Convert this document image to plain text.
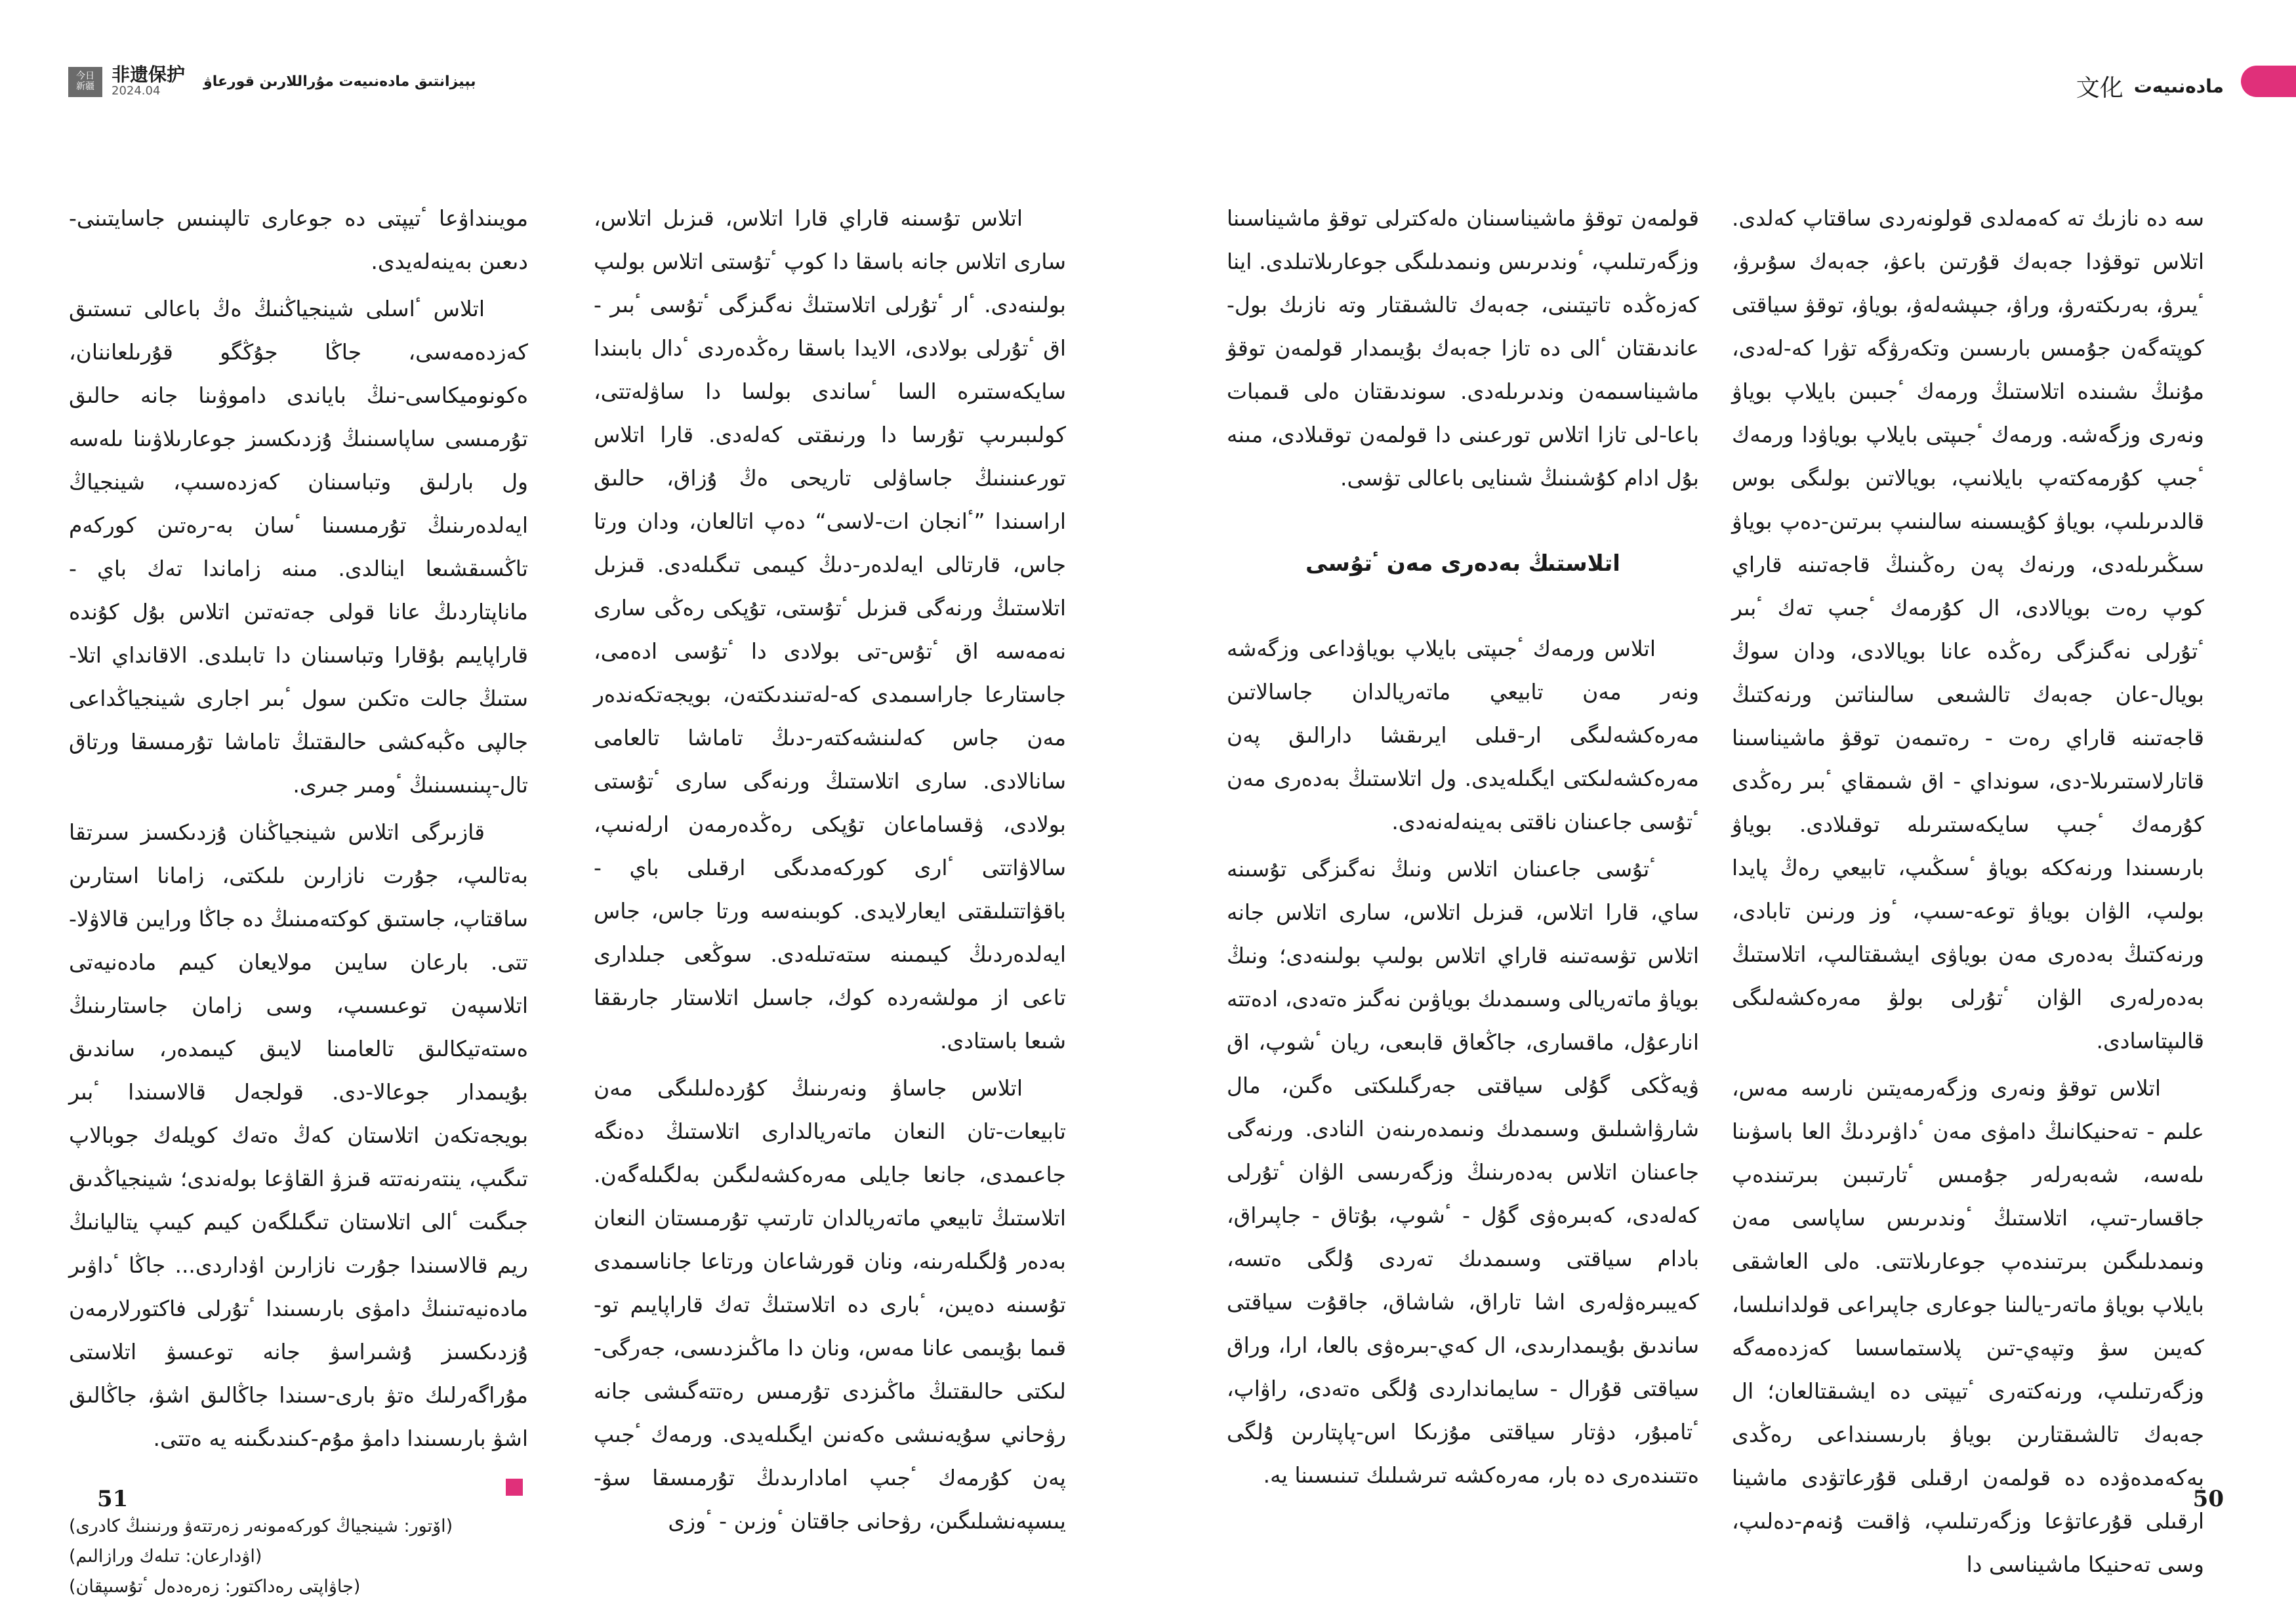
今日
新疆
非遗保护
2024.04
بېيزانتىق مادەنىيەت مۇراللارىن قورعاۋ	文化 مادەنىيەت

سە دە نازىك تە كەمەلدى قولونەردى ساقتاپ كەلدى. اتلاس توقۋدا جەبەك قۇرتىن باعۋ، جەبەك سۇىرۋ، ٴيىرۋ، بەرىكتەرۋ، وراۋ، جىپشەلەۋ، بوياۋ، توقۋ سياقتى كوپتەگەن جۇمىس بارىسىن وتكەرۋگە تۋرا كە-لەدى، مۇنىڭ ىشىندە اتلاستىڭ ورمەك ٴجىبىن بايلاپ بوياۋ ونەرى وزگەشە. ورمەك ٴجىپتى بايلاپ بوياۋدا ورمەك ٴجىپ كۇرمەكتەپ بايلانىپ، بويالاتىن بولىگى بوس قالدىرىلىپ، بوياۋ كۇيىسىنە سالىنىپ بىرتىن-دەپ بوياۋ سىڭىرىلەدى، ورنەك پەن رەڭىنىڭ قاجەتىنە قاراي كوپ رەت بويالادى، ال كۇرمەك ٴجىپ تەك ٴبىر ٴتۇرلى نەگىزگى رەڭدە عانا بويالادى، ودان سوڭ بويال-عان جەبەك تالشىعى سالىناتىن ورنەكتىڭ قاجەتىنە قاراي رەت - رەتىمەن توقۋ ماشيناسىنا قاتارلاستىرىلا-دى، سونداي - اق شىمقاي ٴبىر رەڭدى كۇرمەك ٴجىپ سايكەستىرىلە توقىلادى. بوياۋ بارىسىندا ورنەككە بوياۋ ٴسىڭىپ، تابيعي رەڭ پايدا بولىپ، الۋان بوياۋ توعە-سىپ، ٴوز ورنىن تابادى، ورنەكتىڭ بەدەرى مەن بوياۋى ايشىقتالىپ، اتلاستىڭ بەدەرلەرى الۋان ٴتۇرلى بولۋ مەرەكشەلىگى قالىپتاسادى.

اتلاس توقۋ ونەرى وزگەرمەيتىن نارسە مەس، علىم - تەحنيكانىڭ دامۋى مەن ٴداۋىردىڭ العا باسۋىنا ىلەسە، شەبەرلەر جۇمىس ٴتارتىبىن بىرتىندەپ جاقسار-تىپ، اتلاستىڭ ٴوندىرىس ساپاسى مەن ونىمدىلىگىن بىرتىندەپ جوعارىلاتتى. ەلى العاشقى بايلاپ بوياۋ ماتەر-يالىنا جوعارى جاپىراعى قولدانىلسا، كەيىن سۋ وتپەي-تىن پلاستماسسا كەزدەمەگە وزگەرتىلىپ، ورنەكتەرى ٴتيپتى دە ايشىقتالعان؛ ال جەبەك تالشىقتارىن بوياۋ بارىسىنداعى رەڭدى بەكەمدەۋدە دە قولمەن ارقىلى قۇرعاتۋدى ماشينا ارقىلى قۇرعاتۋعا وزگەرتىلىپ، ۋاقىت ۇنەم-دەلىپ، وسى تەحنيكا ماشيناسى دا

قولمەن توقۋ ماشيناسىنان ەلەكترلى توقۋ ماشيناسىنا وزگەرتىلىپ، ٴوندىرىس ونىمدىلىگى جوعارىلاتىلدى. اينا كەزەڭدە تاتيتىنى، جەبەك تالشىقتار وتە نازىك بول-عاندىقتان ٴالى دە تازا جەبەك بۇيىمدار قولمەن توقۋ ماشيناسىمەن وندىرىلەدى. سوندىقتان ەلى قىمبات باعا-لى تازا اتلاس تورعىنى دا قولمەن توقىلادى، مىنە بۇل ادام كۇشىنىڭ شىنايى باعالى تۋسى.

اتلاستىڭ بەدەرى مەن ٴتۇسى

اتلاس ورمەك ٴجىپتى بايلاپ بوياۋداعى وزگەشە ونەر مەن تابيعي ماتەريالدان جاسالاتىن مەرەكشەلىگى ار-قىلى ايرىقشا دارالىق پەن مەرەكشەلىكتى ايگىلەيدى. ول اتلاستىڭ بەدەرى مەن ٴتۇسى جاعىنان ناقتى بەينەلەنەدى.

ٴتۇسى جاعىنان اتلاس ونىڭ نەگىزگى تۇسىنە ساي، قارا اتلاس، قىزىل اتلاس، سارى اتلاس جانە اتلاس تۋسەتىنە قاراي اتلاس بولىپ بولىنەدى؛ ونىڭ بوياۋ ماتەريالى وسىمدىك بوياۋىن نەگىز ەتەدى، ادەتتە انارعۇل، ماقسارى، جاڭعاق قابىعى، ريان ٴشوپ، اق ۋيەڭكى گۇلى سياقتى جەرگىلىكتى ەگىن، مال شارۋاشىلىق وسىمدىك ونىمدەرىنەن النادى. ورنەگى جاعىنان اتلاس بەدەرىنىڭ وزگەرىسى الۋان ٴتۇرلى كەلەدى، كەبىرەۋى گۇل - ٴشوپ، بۇتاق - جاپىراق، بادام سياقتى وسىمدىك تەردى ۇلگى ەتسە، كەيبىرەۋلەرى اشا تاراق، شاشاق، جاقۇت سياقتى ساندىق بۇيىمدارىدى، ال كەي-بىرەۋى بالعا، ارا، وراق سياقتى قۇرال - سايمانداردى ۇلگى ەتەدى، راۋاپ، ٴتامبۇر، دۋتار سياقتى مۇزىكا اس-پاپتارىن ۇلگى ەتتىندەرى دە بار، مەرەكشە تىرشىلىك تىنىسىنا يە.

اتلاس تۇسىنە قاراي قارا اتلاس، قىزىل اتلاس، سارى اتلاس جانە باسقا دا كوپ ٴتۇستى اتلاس بولىپ بولىنەدى. ٴار ٴتۇرلى اتلاستىڭ نەگىزگى ٴتۇسى ٴبىر - اق ٴتۇرلى بولادى، الايدا باسقا رەڭدەردى ٴدال بابىندا سايكەستىرە السا ٴساندى بولسا دا ساۋلەتتى، كولىبىرىپ تۇرسا دا ورنىقتى كەلەدى. قارا اتلاس تورعىنىنىڭ جاساۋلى تاريحى ەڭ ۇزاق، حالىق اراسىندا ”ٴانجان ات-لاسى“ دەپ اتالعان، ودان ورتا جاس، قارتالى ايەلدەر-دىڭ كيىمى تىگىلەدى. قىزىل اتلاستىڭ ورنەگى قىزىل ٴتۇستى، تۇپكى رەڭى سارى نەمەسە اق ٴتۇس-تى بولادى دا ٴتۇسى ادەمى، جاستارعا جاراسىمدى كە-لەتىندىكتەن، بويجەتكەندەر مەن جاس كەلىنشەكتەر-دىڭ تاماشا تالعامى سانالادى. سارى اتلاستىڭ ورنەگى سارى ٴتۇستى بولادى، ۋقساماعان تۇپكى رەڭدەرمەن ارلەنىپ، سالاۋاتتى ٴارى كوركەمدىگى ارقىلى باي - باقۋاتتىلىقتى ايعارلايدى. كوبىنەسە ورتا جاس، جاس ايەلدەردىڭ كيىمىنە ستەتىلەدى. سوڭعى جىلدارى تاعى از مولشەردە كوك، جاسىل اتلاستار جارىققا شىعا باستادى.

اتلاس جاساۋ ونەرىنىڭ كۇردەلىلىگى مەن تابيعات-تان النعان ماتەريالدارى اتلاستىڭ دەنگە جاعىمدى، جانعا جايلى مەرەكشەلىگىن بەلگىلەگەن. اتلاستىڭ تابيعي ماتەريالدان تارتىپ تۇرمىستان النعان بەدەر ۇلگىلەرىنە، ونان قورشاعان ورتاعا جاناسىمدى تۇسىنە دەيىن، ٴبارى دە اتلاستىڭ تەك قاراپايىم تو-قىما بۇيىمى عانا مەس، ونان دا ماڭىزدىسى، جەرگى-لىكتى حالىقتىڭ ماڭىزدى تۇرمىس رەتتەگىشى جانە رۋحاني سۇيەنىشى ەكەنىن ايگىلەيدى. ورمەك ٴجىپ پەن كۇرمەك ٴجىپ امادارىدىڭ تۇرمىسقا سۋ-يىسپەنشىلىگىن، رۋحانى جاقتان ٴوزىن - ٴوزى

مويىنداۋعا ٴتيپتى دە جوعارى تالپىنىس جاسايتىنى-دىعىن بەينەلەيدى.

اتلاس ٴاسلى شينجياڭنىڭ ەڭ باعالى تىستىق كەزدەمەسى، جاڭا جۇڭگو قۇرىلعاننان، ەكونوميكاسى-نىڭ باياندى داموۋىنا جانە حالىق تۇرمىسى ساپاسىنىڭ ۇزدىكسىز جوعارىلاۋىنا ىلەسە ول بارلىق وتباسىنان كەزدەسىپ، شينجياڭ ايەلدەرىنىڭ تۇرمىسىنا ٴسان بە-رەتىن كوركەم تاڭسىقشىعا اينالدى. مىنە زاماندا تەك باي - ماناپتاردىڭ عانا قولى جەتەتىن اتلاس بۇل كۇندە قاراپايىم بۇقارا وتباسىنان دا تابىلدى. الاقانداي اتلا-ستىڭ جالت ەتكىن سول ٴبىر اجارى شينجياڭداعى جالپى ەڭبەكشى حالىقتىڭ تاماشا تۇرمىسقا ورتاق تال-پىنىسىنىڭ ٴومىر جىرى.

قازىرگى اتلاس شينجياڭنان ۇزدىكسىز سىرتقا بەتالىپ، جۇرت نازارىن ىلىكتى، زامانا استارىن ساقتاپ، جاستىق كوكتەمىنىڭ دە جاڭا ورايىن قالاۋلا-تتى. بارعان سايىن مولايعان كيىم مادەنيەتى اتلاسپەن توعىسىپ، وسى زامان جاستارىنىڭ ەستەتيكالىق تالعامىنا لايىق كيىمدەر، ساندىق بۇيىمدار جوعالا-دى. قولجەل قالاسىندا ٴبىر بويجەتكەن اتلاستان كەڭ ەتەك كويلەك جوبالاپ تىگىپ، ينتەرنەتتە قىزۋ القاۋعا بولەندى؛ شينجياڭدىق جىگىت ٴالى اتلاستان تىگىلگەن كيىم كيىپ يتاليانىڭ ريم قالاسىندا جۇرت نازارىن اۋداردى... جاڭا ٴداۋىر مادەنيەتىنىڭ دامۋى بارىسىندا ٴتۇرلى فاكتورلارمەن ۇزدىكسىز ۇشىراسۋ جانە توعىسۋ اتلاستى مۇراگەرلىك ەتۋ بارى-سىندا جاڭالىق اشۋ، جاڭالىق اشۋ بارىسىندا دامۋ مۇم-كىندىگىنە يە ەتتى.

(اۆتور: شينجياڭ كوركەمونەر زەرتتەۋ ورنىنىڭ كادرى)
(اۋدارعان: تىلەك ورازالىم)
(جاۋاپتى رەداكتور: زەرەدەل ٴتۇسىپقان)
51	50
